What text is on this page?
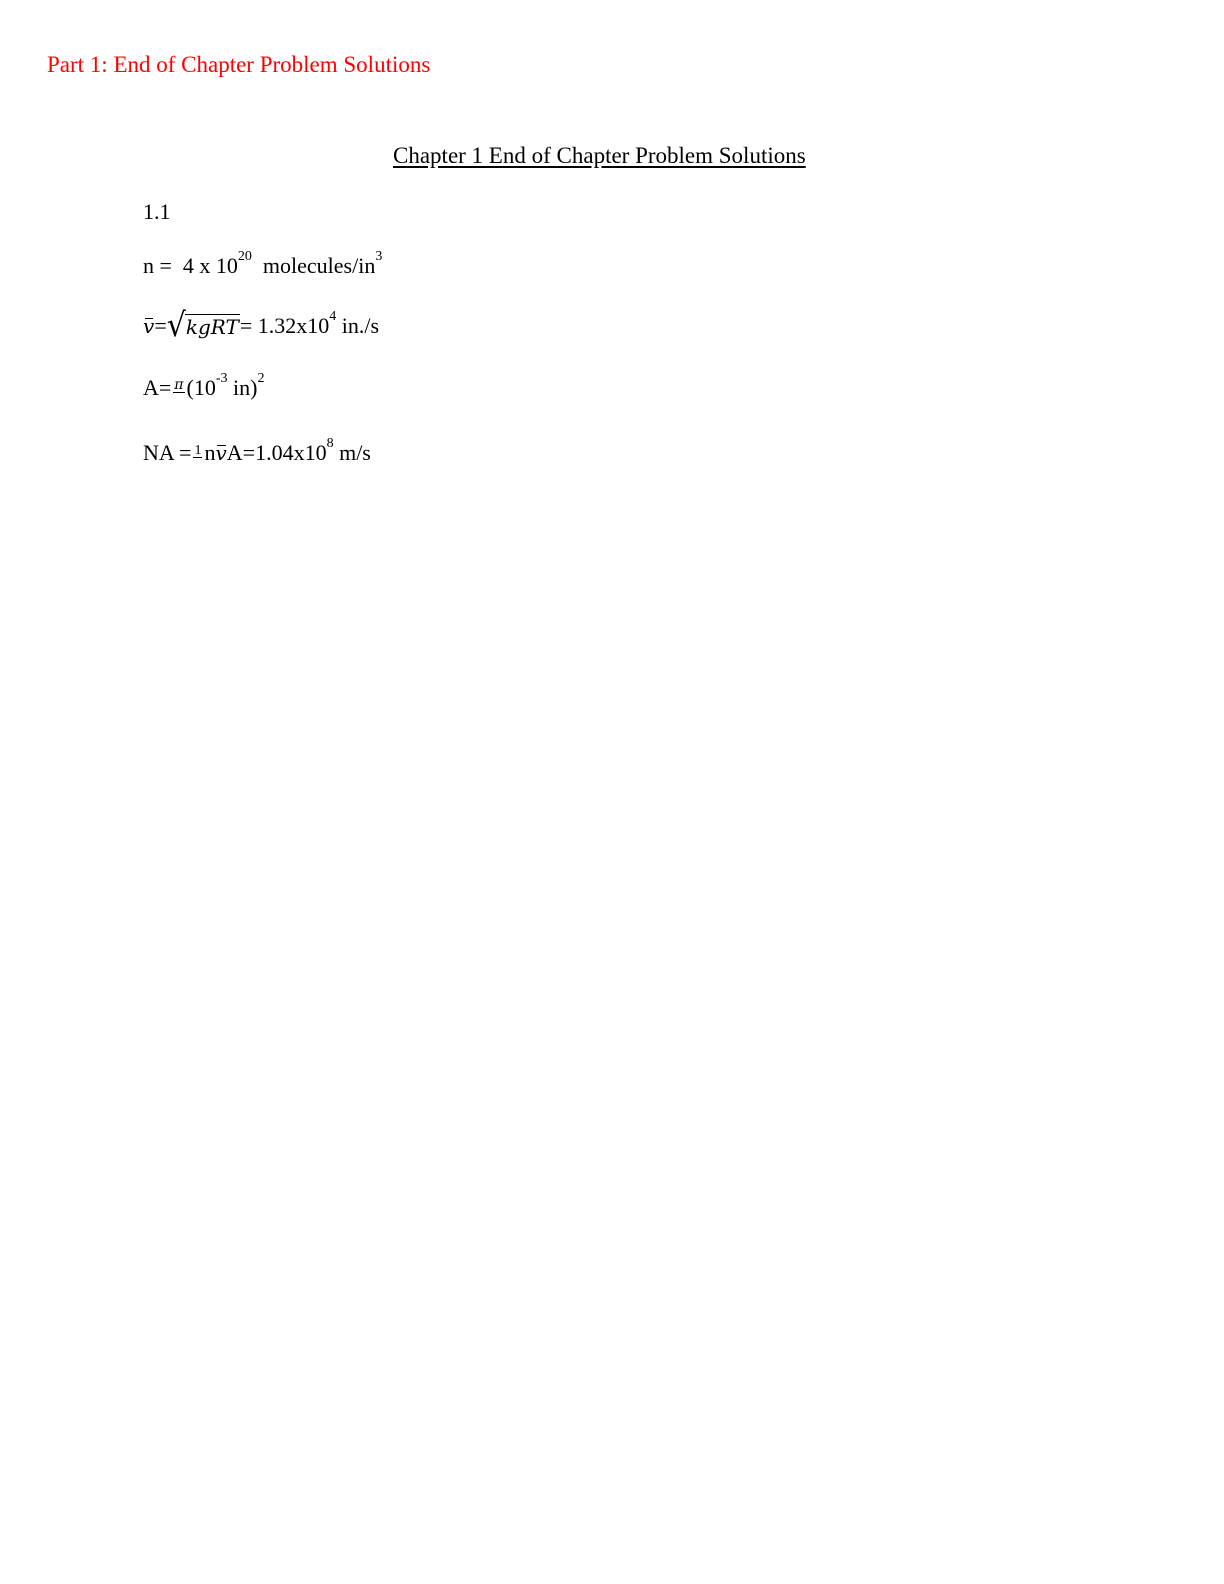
Part 1: End of Chapter Problem Solutions
Chapter 1 End of Chapter Problem Solutions
1.1
n = 4 x $10^{20}$ molecules/$in^3$
v= √ kgRT = $1.32x10^4$ in./s
A= π ($10^{-3}$ in)$^2$
NA = 1 $nvA=1.04x10^8$ m/s
